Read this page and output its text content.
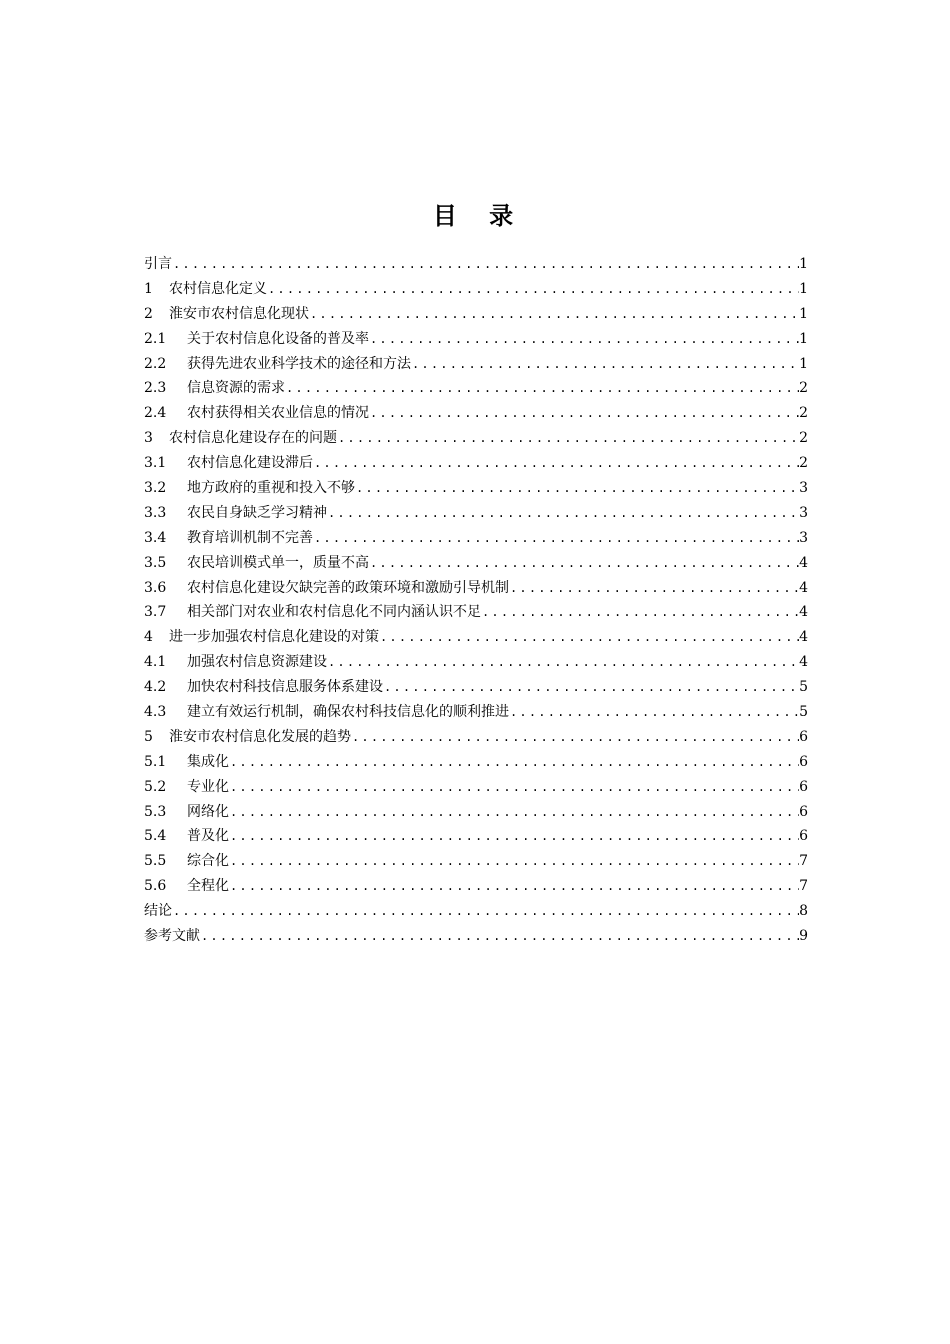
目 录
引言 .....	1
1	农村信息化定义 .....	1
2	淮安市农村信息化现状 .....	1
2.1	关于农村信息化设备的普及率 .....	1
2.2	获得先进农业科学技术的途径和方法 .....	1
2.3	信息资源的需求 .....	2
2.4	农村获得相关农业信息的情况 .....	2
3	农村信息化建设存在的问题 .....	2
3.1	农村信息化建设滞后 .....	2
3.2	地方政府的重视和投入不够 .....	3
3.3	农民自身缺乏学习精神 .....	3
3.4	教育培训机制不完善 .....	3
3.5	农民培训模式单一，质量不高 .....	4
3.6	农村信息化建设欠缺完善的政策环境和激励引导机制 .....	4
3.7	相关部门对农业和农村信息化不同内涵认识不足 .....	4
4	进一步加强农村信息化建设的对策 .....	4
4.1	加强农村信息资源建设 .....	4
4.2	加快农村科技信息服务体系建设 .....	5
4.3	建立有效运行机制，确保农村科技信息化的顺利推进 .....	5
5	淮安市农村信息化发展的趋势 .....	6
5.1	集成化 .....	6
5.2	专业化 .....	6
5.3	网络化 .....	6
5.4	普及化 .....	6
5.5	综合化 .....	7
5.6	全程化 .....	7
结论 .....	8
参考文献 .....	9
